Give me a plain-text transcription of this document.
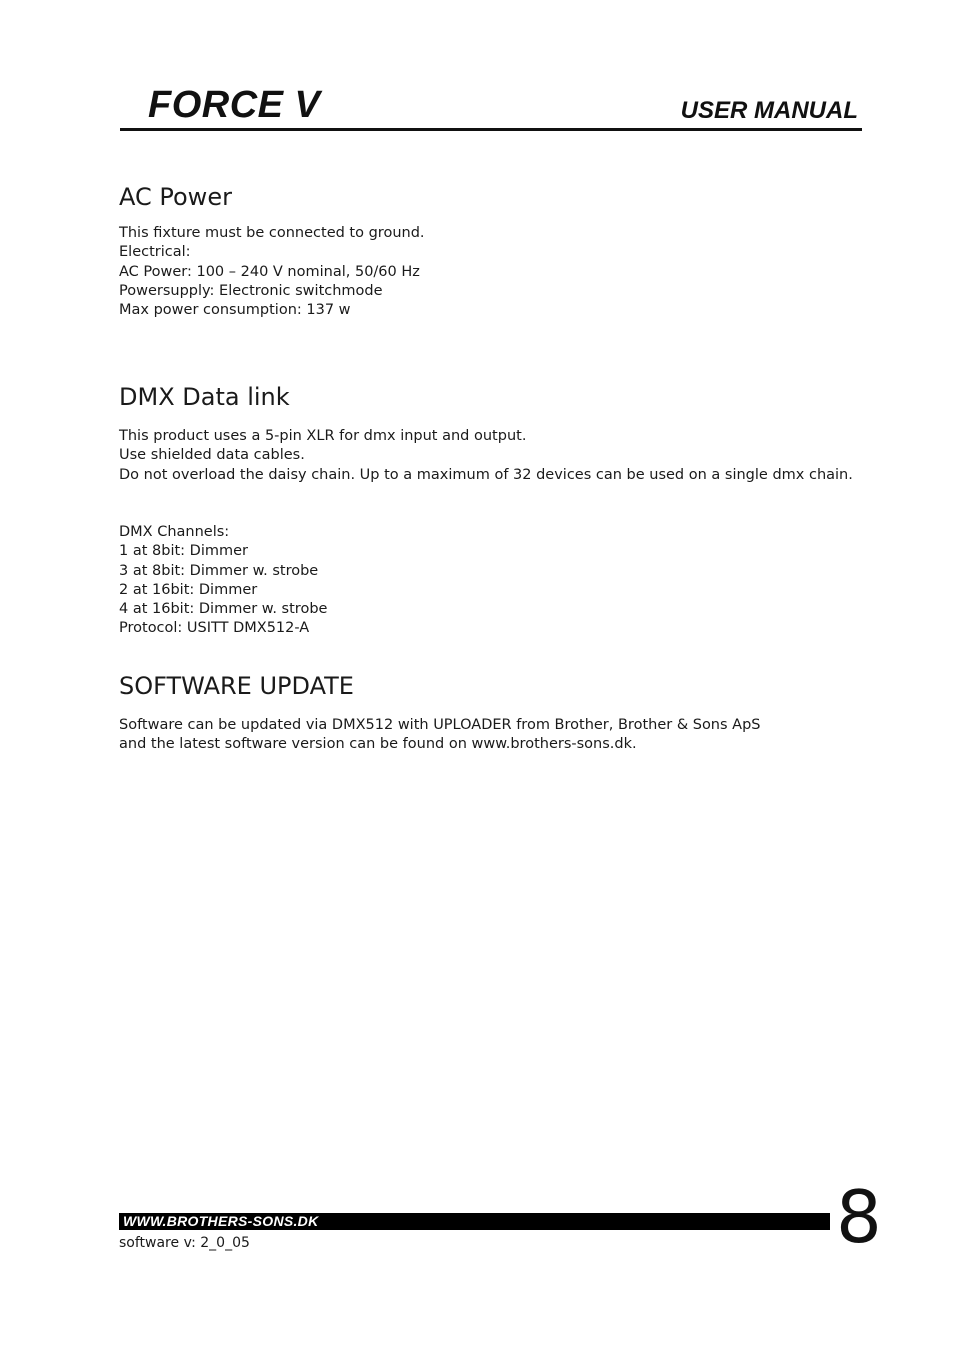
FORCE V	USER MANUAL
AC Power
This fixture must be connected to ground.
Electrical:
AC Power: 100 – 240 V nominal, 50/60 Hz
Powersupply: Electronic switchmode
Max power consumption: 137 w
DMX Data link
This product uses a 5-pin XLR for dmx input and output.
Use shielded data cables.
Do not overload the daisy chain. Up to a maximum of 32 devices can be used on a single dmx chain.
DMX Channels:
1 at 8bit: Dimmer
3 at 8bit: Dimmer w. strobe
2 at 16bit: Dimmer
4 at 16bit: Dimmer w. strobe
Protocol: USITT DMX512-A
SOFTWARE UPDATE
Software can be updated via DMX512 with UPLOADER from Brother, Brother & Sons ApS
and the latest software version can be found on www.brothers-sons.dk.
WWW.BROTHERS-SONS.DK
software v: 2_0_05	8
